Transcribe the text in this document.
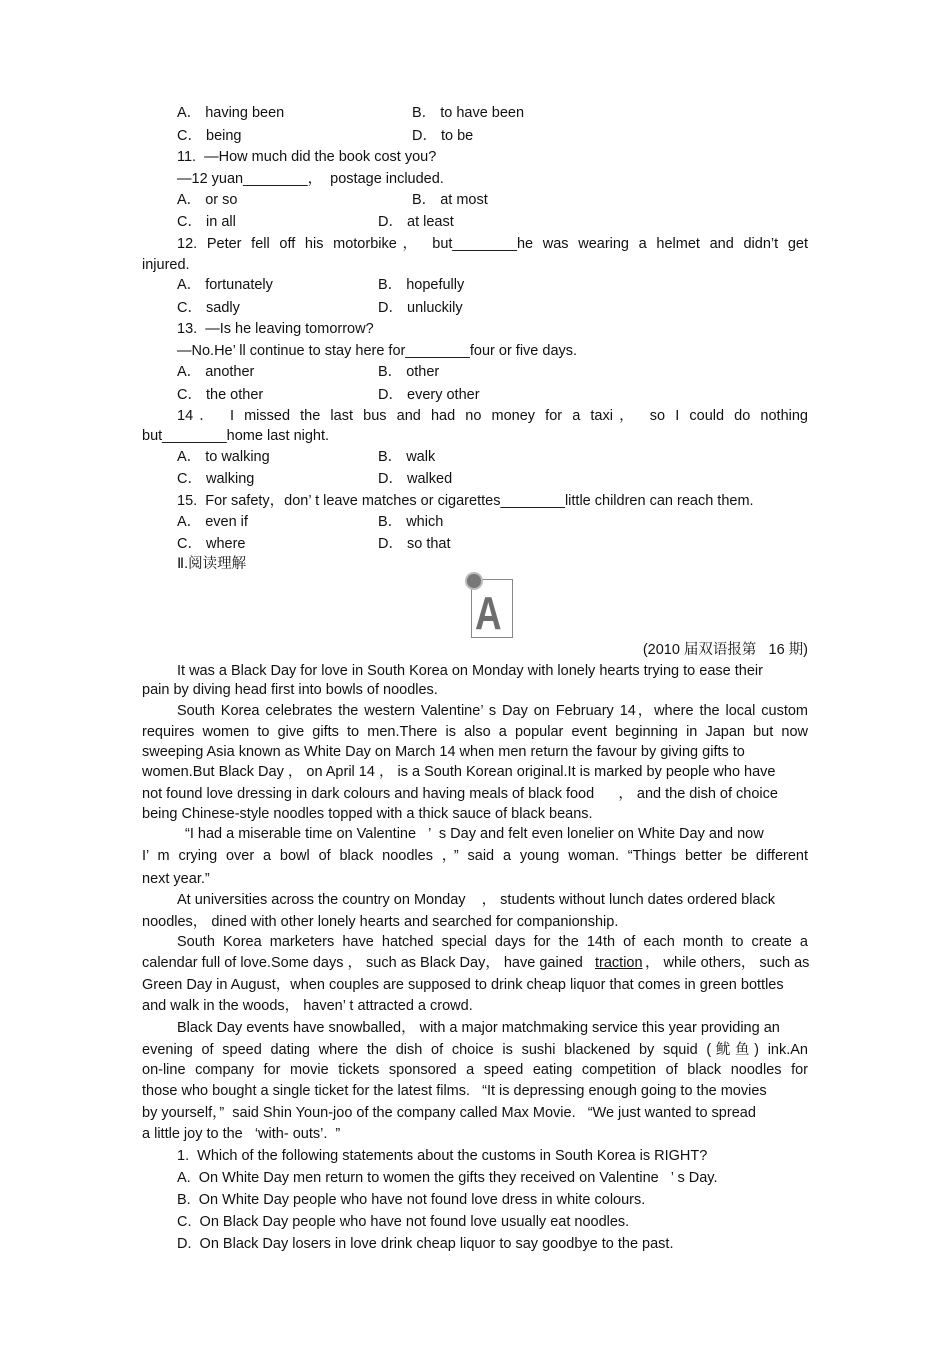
A
A． having been	B． to have been
C． being	D． to be
11.  —How much did the book cost you?
—12 yuan________，  postage included.
A． or so	B． at most
C． in all	D． at least
12. Peter fell off his motorbike， but________he was wearing a helmet and didn’t get
injured.
A． fortunately	B． hopefully
C． sadly	D． unluckily
13.  —Is he leaving tomorrow?
—No.He’ ll continue to stay here for________four or five days.
A． another	B． other
C． the other	D． every other
14． I missed the last bus and had no money for a taxi， so I could do nothing
but________home last night.
A． to walking	B． walk
C． walking	D． walked
15.  For safety，don’ t leave matches or cigarettes________little children can reach them.
A． even if	B． which
C． where	D． so that
Ⅱ.阅读理解
(2010 届双语报第   16 期)
It was a Black Day for love in South Korea on Monday with lonely hearts trying to ease their
pain by diving head first into bowls of noodles.
South Korea celebrates the western Valentine’ s Day on February 14，where the local custom
requires women to give gifts to men.There is also a popular event beginning in Japan but now
sweeping Asia known as White Day on March 14 when men return the favour by giving gifts to
women.But Black Day ， on April 14 ， is a South Korean original.It is marked by people who have
not found love dressing in dark colours and having meals of black food      ， and the dish of choice
being Chinese-style noodles topped with a thick sauce of black beans.
“I had a miserable time on Valentine   ’  s Day and felt even lonelier on White Day and now
I’ m crying over a bowl of black noodles ，” said a young woman. “Things better be different
next year.”
At universities across the country on Monday    ， students without lunch dates ordered black
noodles， dined with other lonely hearts and searched for companionship.
South Korea marketers have hatched special days for the 14th of each month to create a
calendar full of love.Some days ， such as Black Day， have gained traction ， while others， such as
Green Day in August，when couples are supposed to drink cheap liquor that comes in green bottles
and walk in the woods， haven’ t attracted a crowd.
Black Day events have snowballed， with a major matchmaking service this year providing an
evening of speed dating where the dish of choice is sushi blackened by squid (鱿鱼) ink.An
on-line company for movie tickets sponsored a speed eating competition of black noodles for
those who bought a single ticket for the latest films.   “It is depressing enough going to the movies
by yourself，”  said Shin Youn-joo of the company called Max Movie.   “We just wanted to spread
a little joy to the   ‘with- outs’.  ”
1.  Which of the following statements about the customs in South Korea is RIGHT?
A.  On White Day men return to women the gifts they received on Valentine   ’ s Day.
B.  On White Day people who have not found love dress in white colours.
C.  On Black Day people who have not found love usually eat noodles.
D.  On Black Day losers in love drink cheap liquor to say goodbye to the past.
